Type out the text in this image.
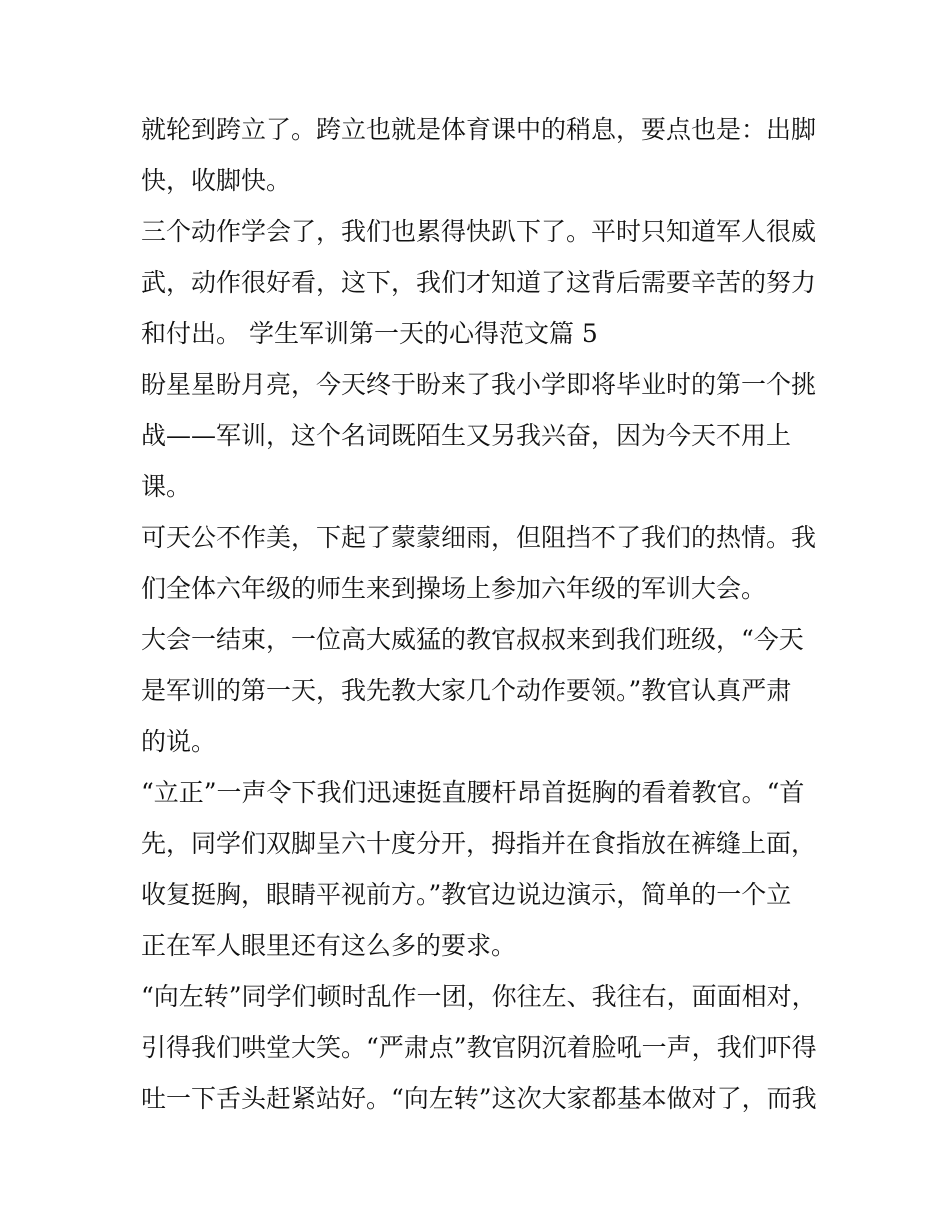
就轮到跨立了。跨立也就是体育课中的稍息，要点也是：出脚
快，收脚快。
三个动作学会了，我们也累得快趴下了。平时只知道军人很威
武，动作很好看，这下，我们才知道了这背后需要辛苦的努力
和付出。 学生军训第一天的心得范文篇 5
盼星星盼月亮，今天终于盼来了我小学即将毕业时的第一个挑
战——军训，这个名词既陌生又另我兴奋，因为今天不用上
课。
可天公不作美，下起了蒙蒙细雨，但阻挡不了我们的热情。我
们全体六年级的师生来到操场上参加六年级的军训大会。
大会一结束，一位高大威猛的教官叔叔来到我们班级，“今天
是军训的第一天，我先教大家几个动作要领。”教官认真严肃
的说。
“立正”一声令下我们迅速挺直腰杆昂首挺胸的看着教官。“首
先，同学们双脚呈六十度分开，拇指并在食指放在裤缝上面，
收复挺胸，眼睛平视前方。”教官边说边演示，简单的一个立
正在军人眼里还有这么多的要求。
“向左转”同学们顿时乱作一团，你往左、我往右，面面相对，
引得我们哄堂大笑。“严肃点”教官阴沉着脸吼一声，我们吓得
吐一下舌头赶紧站好。“向左转”这次大家都基本做对了，而我
